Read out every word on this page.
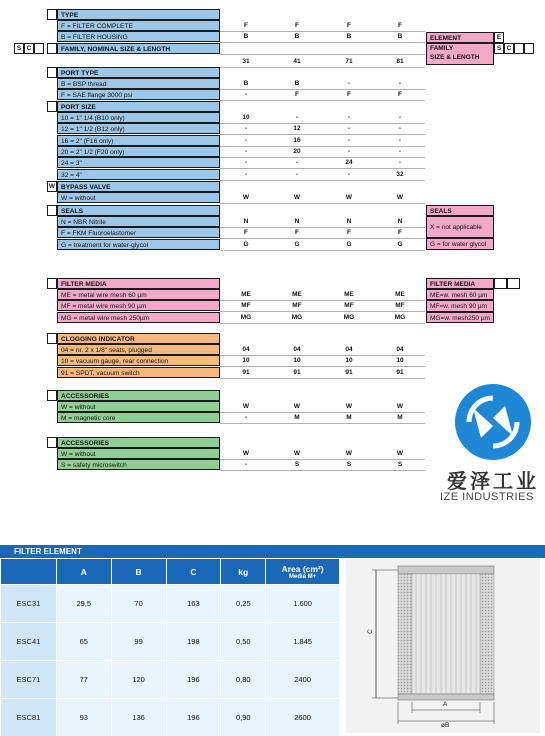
TYPE
F = FILTER COMPLETE	F	F	F	F
B = FILTER HOUSING	B	B	B	B
S C	FAMILY, NOMINAL SIZE & LENGTH
31	41	71	81
PORT TYPE
B = BSP thread	B	B	-	-
F = SAE flange 3000 psi	-	F	F	F
PORT SIZE
10 = 1" 1/4 (B10 only)	10	-	-	-
12 = 1" 1/2 (B12 only)	-	12	-	-
16 = 2" (F16 only)	-	16	-	-
20 = 2" 1/2 (F20 only)	-	20	-	-
24 = 3"	-	-	24	-
32 = 4"	-	-	-	32
W BYPASS VALVE
W = without	W	W	W	W
SEALS
N = NBR Nitrile	N	N	N	N
F = FKM Fluoroelastomer	F	F	F	F
G = treatment for water-glycol	G	G	G	G
FILTER MEDIA
ME = metal wire mesh 60 µm	ME	ME	ME	ME
MF = metal wire mesh 90 µm	MF	MF	MF	MF
MG = metal wire mesh 250µm	MG	MG	MG	MG
CLOGGING INDICATOR
04 = nr. 2 x 1/8" seats, plugged	04	04	04	04
10 = vacuum gauge, rear connection	10	10	10	10
91 = SPDT, vacuum switch	91	91	91	91
ACCESSORIES
W = without	W	W	W	W
M = magnetic core	-	M	M	M
ACCESSORIES
W = without	W	W	W	W
S = safety microswitch	-	S	S	S
ELEMENT	E
FAMILY
SIZE & LENGTH
S C
SEALS
X = not applicable
G = for water glycol
FILTER MEDIA
ME=w. mesh 60 µm
MF=w. mesh 90 µm
MG=w. mesh250 µm
爱泽工业
IZE INDUSTRIES
FILTER ELEMENT
	A	B	C	kg	Area (cm²)
Media M+

ESC31	29,5	70	163	0,25	1.600
ESC41	65	99	198	0,50	1.845
ESC71	77	120	196	0,80	2400
ESC81	93	136	196	0,90	2600
C
A
øB
